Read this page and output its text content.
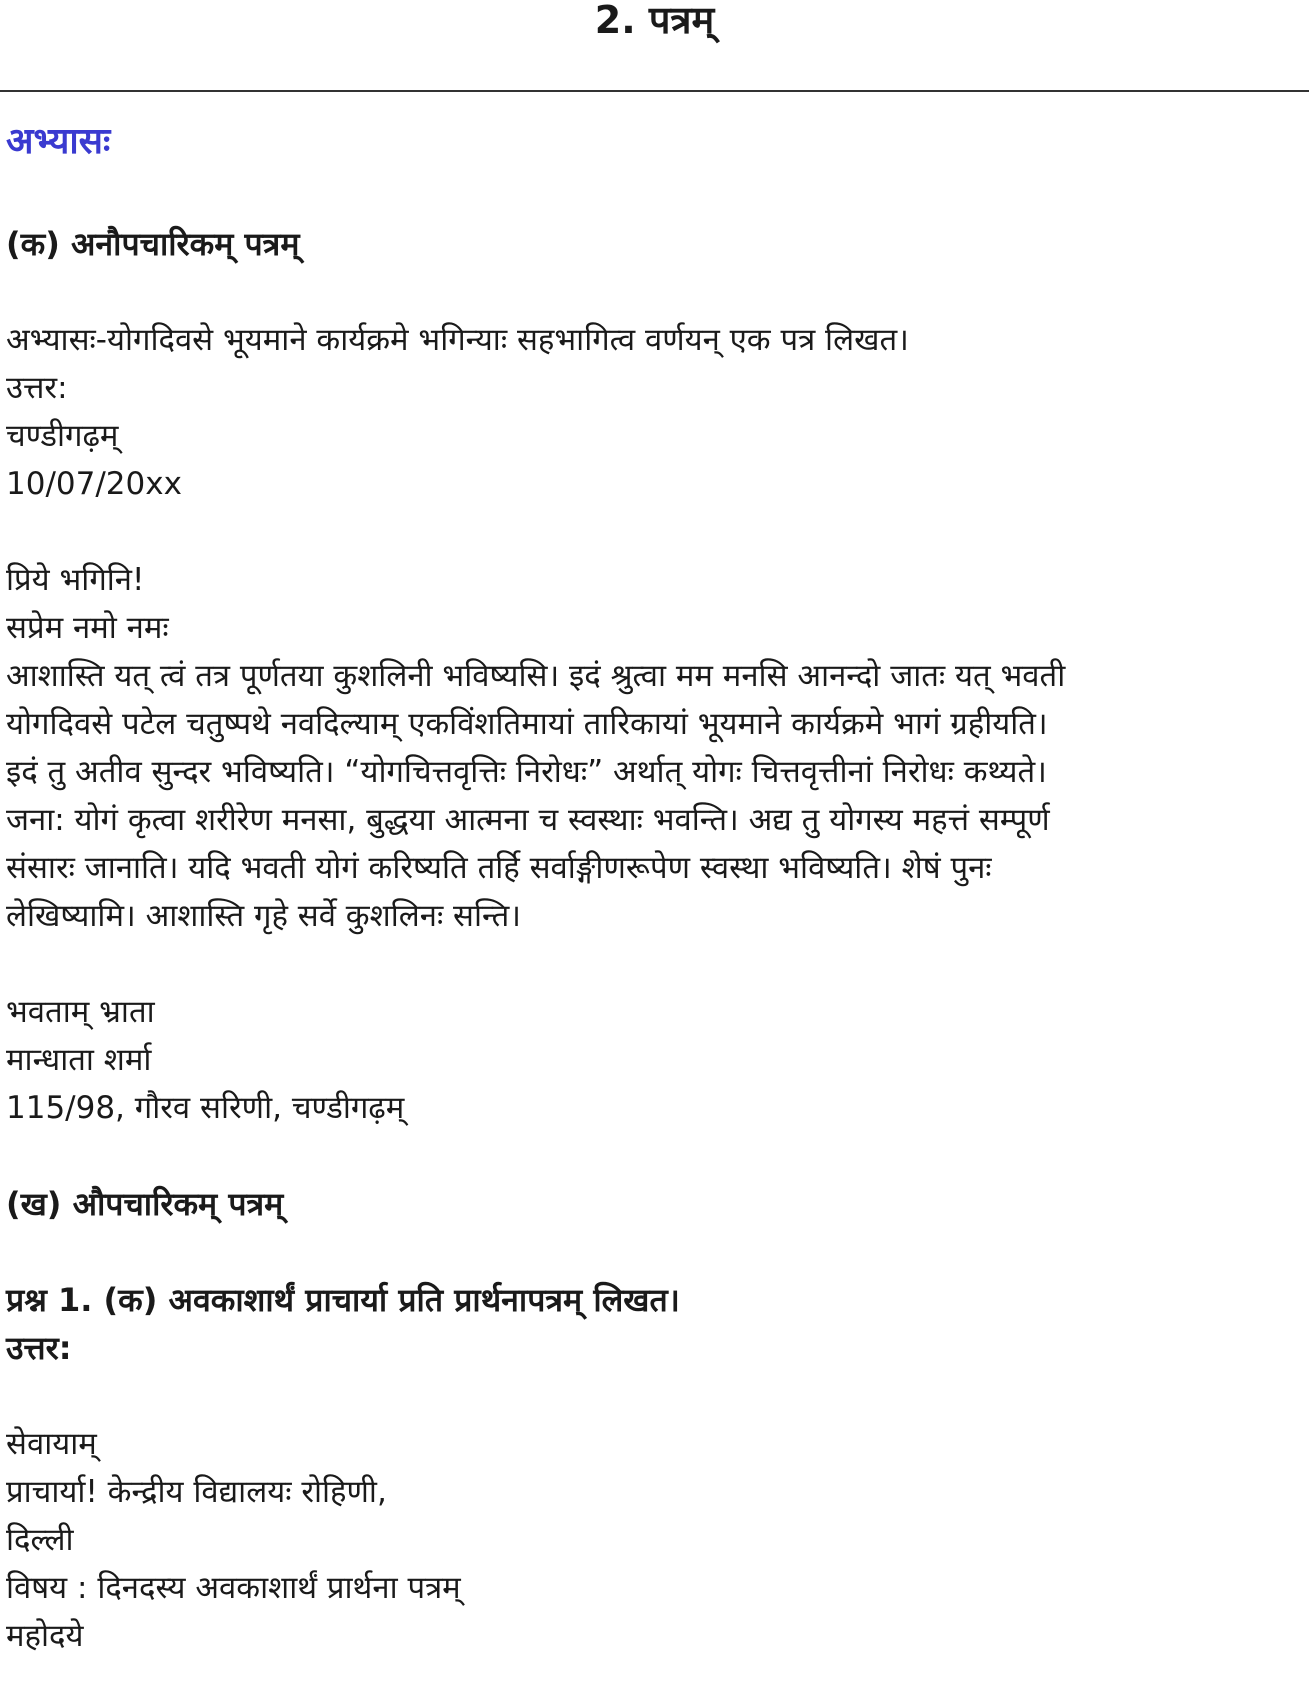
2. पत्रम्

अभ्यासः

(क) अनौपचारिकम् पत्रम्

अभ्यासः-योगदिवसे भूयमाने कार्यक्रमे भगिन्याः सहभागित्व वर्णयन् एक पत्र लिखत।

उत्तर:

चण्डीगढ़म्

10/07/20xx

प्रिये भगिनि!

सप्रेम नमो नमः

आशास्ति यत् त्वं तत्र पूर्णतया कुशलिनी भविष्यसि। इदं श्रुत्वा मम मनसि आनन्दो जातः यत् भवती

योगदिवसे पटेल चतुष्पथे नवदिल्याम् एकविंशतिमायां तारिकायां भूयमाने कार्यक्रमे भागं ग्रहीयति।

इदं तु अतीव सुन्दर भविष्यति। “योगचित्तवृत्तिः निरोधः” अर्थात् योगः चित्तवृत्तीनां निरोधः कथ्यते।

जना: योगं कृत्वा शरीरेण मनसा, बुद्धया आत्मना च स्वस्थाः भवन्ति। अद्य तु योगस्य महत्तं सम्पूर्ण

संसारः जानाति। यदि भवती योगं करिष्यति तर्हि सर्वाङ्गीणरूपेण स्वस्था भविष्यति। शेषं पुनः

लेखिष्यामि। आशास्ति गृहे सर्वे कुशलिनः सन्ति।

भवताम् भ्राता

मान्धाता शर्मा

115/98, गौरव सरिणी, चण्डीगढ़म्

(ख) औपचारिकम् पत्रम्

प्रश्न 1. (क) अवकाशार्थं प्राचार्या प्रति प्रार्थनापत्रम् लिखत।

उत्तर:

सेवायाम्

प्राचार्या! केन्द्रीय विद्यालयः रोहिणी,

दिल्ली

विषय : दिनदस्य अवकाशार्थं प्रार्थना पत्रम्

महोदये
